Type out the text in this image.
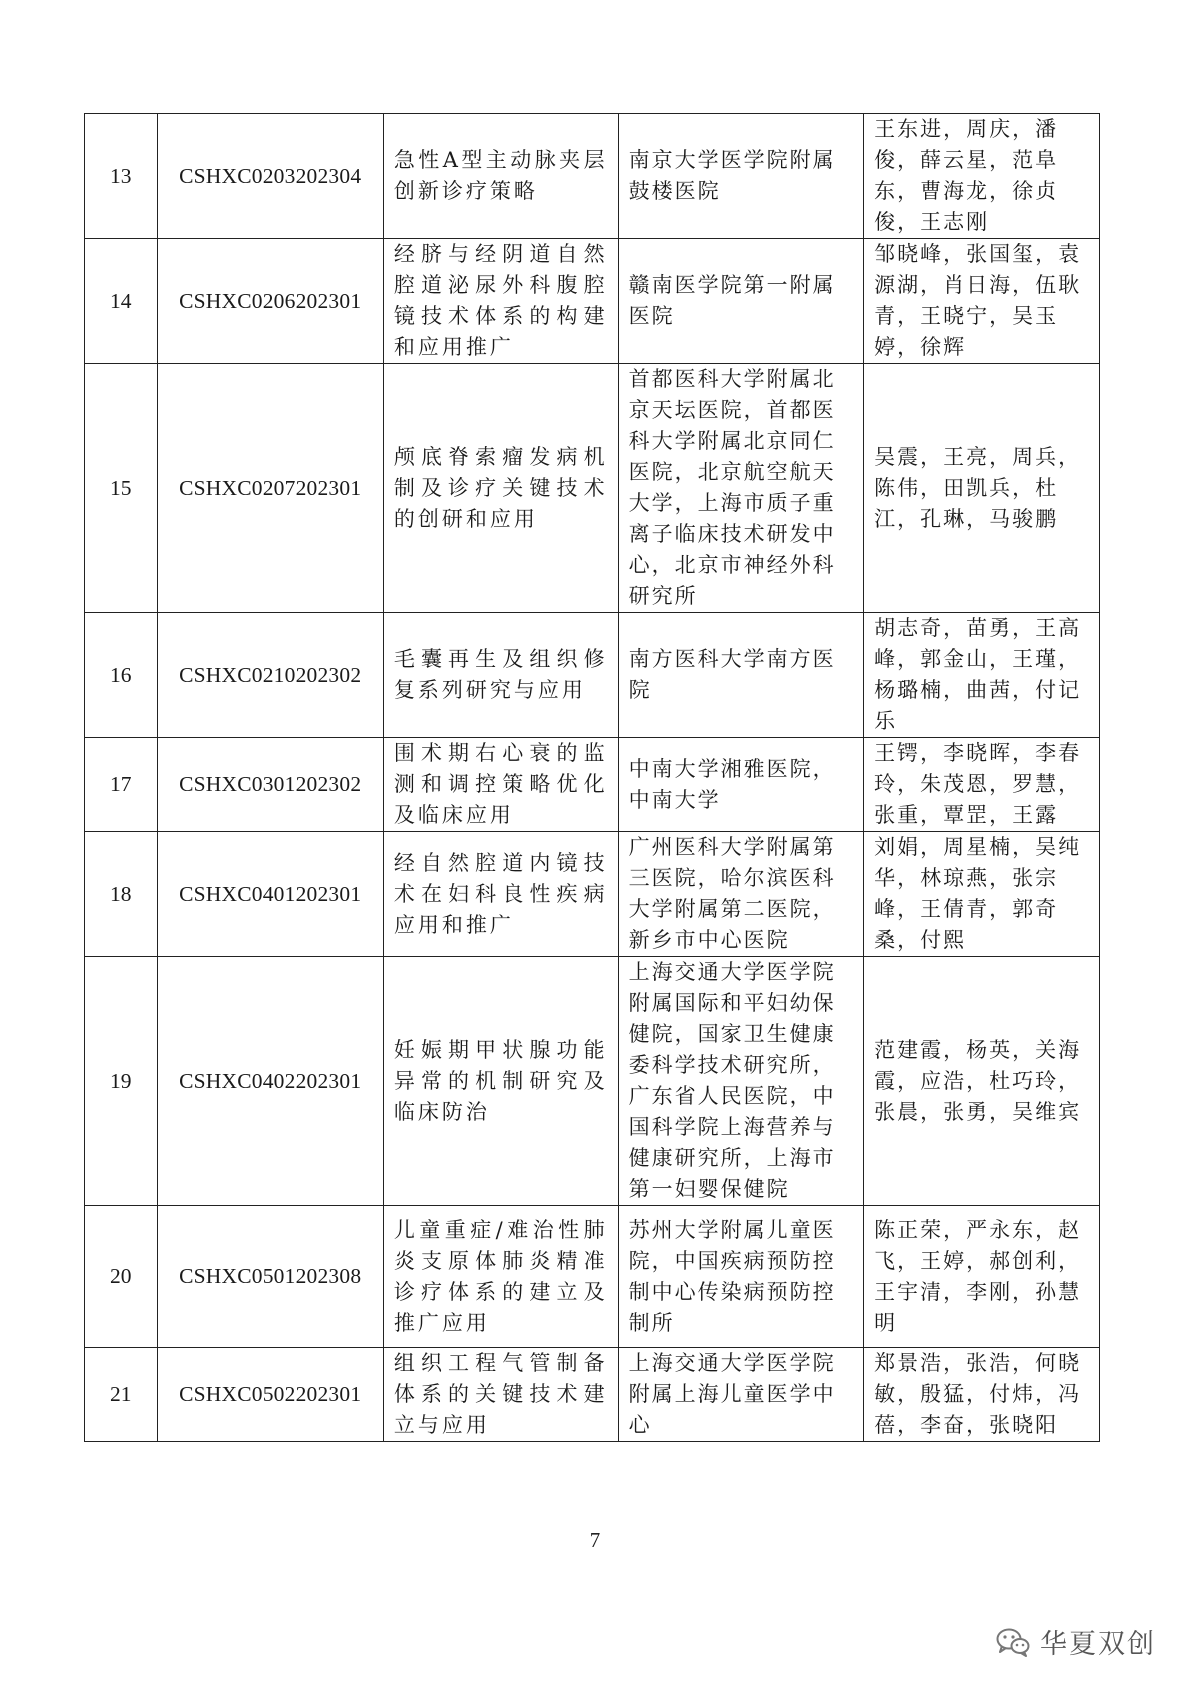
13	CSHXC0203202304	急性A型主动脉夹层创新诊疗策略	南京大学医学院附属鼓楼医院	王东进，周庆，潘俊，薛云星，范阜东，曹海龙，徐贞俊，王志刚
14	CSHXC0206202301	经脐与经阴道自然腔道泌尿外科腹腔镜技术体系的构建和应用推广	赣南医学院第一附属医院	邹晓峰，张国玺，袁源湖，肖日海，伍耿青，王晓宁，吴玉婷，徐辉
15	CSHXC0207202301	颅底脊索瘤发病机制及诊疗关键技术的创研和应用	首都医科大学附属北京天坛医院，首都医科大学附属北京同仁医院，北京航空航天大学，上海市质子重离子临床技术研发中心，北京市神经外科研究所	吴震，王亮，周兵，陈伟，田凯兵，杜江，孔琳，马骏鹏
16	CSHXC0210202302	毛囊再生及组织修复系列研究与应用	南方医科大学南方医院	胡志奇，苗勇，王高峰，郭金山，王瑾，杨璐楠，曲茜，付记乐
17	CSHXC0301202302	围术期右心衰的监测和调控策略优化及临床应用	中南大学湘雅医院，中南大学	王锷，李晓晖，李春玲，朱茂恩，罗慧，张重，覃罡，王露
18	CSHXC0401202301	经自然腔道内镜技术在妇科良性疾病应用和推广	广州医科大学附属第三医院，哈尔滨医科大学附属第二医院，新乡市中心医院	刘娟，周星楠，吴纯华，林琼燕，张宗峰，王倩青，郭奇桑，付熙
19	CSHXC0402202301	妊娠期甲状腺功能异常的机制研究及临床防治	上海交通大学医学院附属国际和平妇幼保健院，国家卫生健康委科学技术研究所，广东省人民医院，中国科学院上海营养与健康研究所，上海市第一妇婴保健院	范建霞，杨英，关海霞，应浩，杜巧玲，张晨，张勇，吴维宾
20	CSHXC0501202308	儿童重症/难治性肺炎支原体肺炎精准诊疗体系的建立及推广应用	苏州大学附属儿童医院，中国疾病预防控制中心传染病预防控制所	陈正荣，严永东，赵飞，王婷，郝创利，王宇清，李刚，孙慧明
21	CSHXC0502202301	组织工程气管制备体系的关键技术建立与应用	上海交通大学医学院附属上海儿童医学中心	郑景浩，张浩，何晓敏，殷猛，付炜，冯蓓，李奋，张晓阳
7
华夏双创
